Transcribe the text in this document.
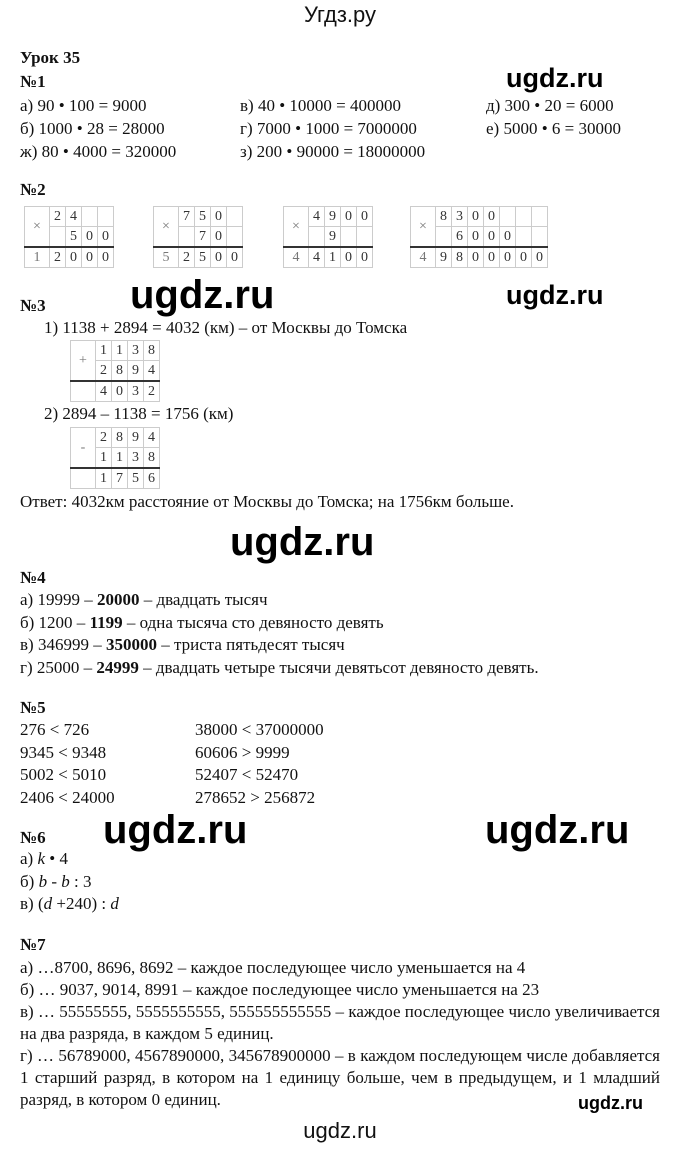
Угдз.ру
Урок 35
№1
а) 90 • 100 = 9000	в) 40 • 10000 = 400000	д) 300 • 20 = 6000
б) 1000 • 28 = 28000	г) 7000 • 1000 = 7000000	е) 5000 • 6 = 30000
ж) 80 • 4000 = 320000	з) 200 • 90000 = 18000000
ugdz.ru
№2
×	2	4		
		5	0	0
1	2	0	0	0
×	7	5	0	
		7	0	
5	2	5	0	0
×	4	9	0	0
		9		
4	4	1	0	0
×	8	3	0	0			
		6	0	0	0		
4	9	8	0	0	0	0	0
ugdz.ru	ugdz.ru
№3
1) 1138 + 2894 = 4032 (км) – от Москвы до Томска
+	1	1	3	8
	2	8	9	4
	4	0	3	2
2) 2894 – 1138 = 1756 (км)
-	2	8	9	4
	1	1	3	8
	1	7	5	6
Ответ: 4032км расстояние от Москвы до Томска; на 1756км больше.
ugdz.ru
№4
а) 19999 – 20000 – двадцать тысяч
б) 1200 – 1199 – одна тысяча сто девяносто девять
в) 346999 – 350000 – триста пятьдесят тысяч
г) 25000 – 24999 – двадцать четыре тысячи девятьсот девяносто девять.
№5
276 < 726
9345 < 9348
5002 < 5010
2406 < 24000
38000 < 37000000
60606 > 9999
52407 < 52470
278652 > 256872
ugdz.ru	ugdz.ru
№6
а) k • 4
б) b - b : 3
в) (d +240) : d
№7
а) …8700, 8696, 8692 – каждое последующее число уменьшается на 4
б) … 9037, 9014, 8991 – каждое последующее число уменьшается на 23
в) … 55555555, 5555555555, 555555555555 – каждое последующее число увеличивается на два разряда, в каждом 5 единиц.
г) … 56789000, 4567890000, 345678900000 – в каждом последующем числе добавляется 1 старший разряд, в котором на 1 единицу больше, чем в предыдущем, и 1 младший разряд, в котором 0 единиц.	ugdz.ru
ugdz.ru
